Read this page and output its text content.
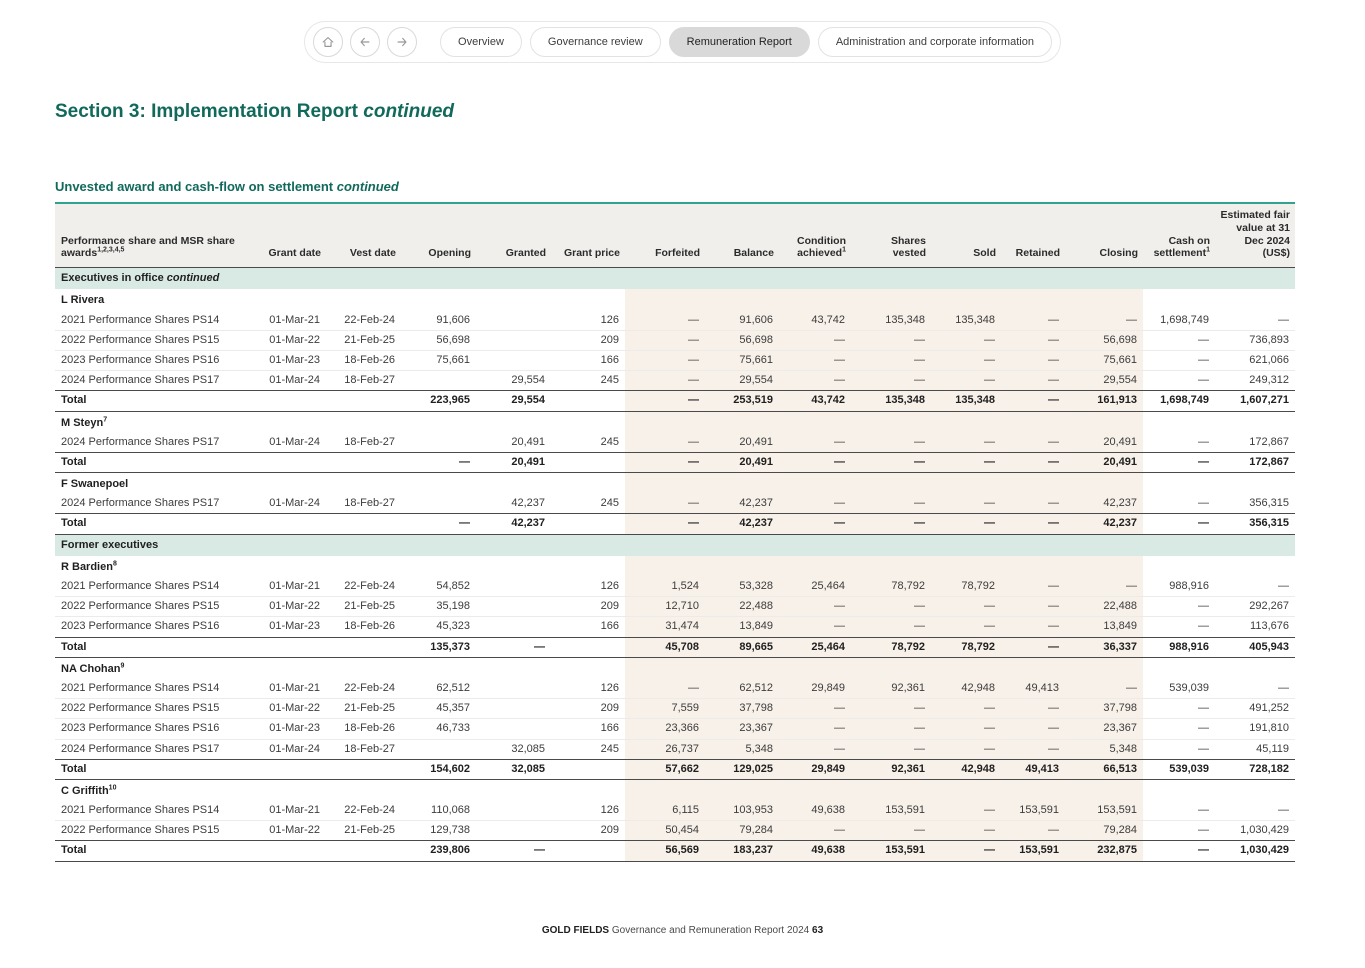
Overview	Governance review	Remuneration Report	Administration and corporate information
Section 3: Implementation Report continued
Unvested award and cash-flow on settlement continued
Performance share and MSR share awards$^{1,2,3,4,5}$	Grant date	Vest date	Opening	Granted	Grant price	Forfeited	Balance	Condition achieved$^1$	Shares vested	Sold	Retained	Closing	Cash on settlement$^1$	Estimated fair value at 31 Dec 2024 (US$)
Executives in office continued														
L Rivera														
2021 Performance Shares PS14	01-Mar-21	22-Feb-24	91,606		126	—	91,606	43,742	135,348	135,348	—	—	1,698,749	—
2022 Performance Shares PS15	01-Mar-22	21-Feb-25	56,698		209	—	56,698	—	—	—	—	56,698	—	736,893
2023 Performance Shares PS16	01-Mar-23	18-Feb-26	75,661		166	—	75,661	—	—	—	—	75,661	—	621,066
2024 Performance Shares PS17	01-Mar-24	18-Feb-27		29,554	245	—	29,554	—	—	—	—	29,554	—	249,312
Total			223,965	29,554		—	253,519	43,742	135,348	135,348	—	161,913	1,698,749	1,607,271
M Steyn$^7$														
2024 Performance Shares PS17	01-Mar-24	18-Feb-27		20,491	245	—	20,491	—	—	—	—	20,491	—	172,867
Total			—	20,491		—	20,491	—	—	—	—	20,491	—	172,867
F Swanepoel														
2024 Performance Shares PS17	01-Mar-24	18-Feb-27		42,237	245	—	42,237	—	—	—	—	42,237	—	356,315
Total			—	42,237		—	42,237	—	—	—	—	42,237	—	356,315
Former executives														
R Bardien$^8$														
2021 Performance Shares PS14	01-Mar-21	22-Feb-24	54,852		126	1,524	53,328	25,464	78,792	78,792	—	—	988,916	—
2022 Performance Shares PS15	01-Mar-22	21-Feb-25	35,198		209	12,710	22,488	—	—	—	—	22,488	—	292,267
2023 Performance Shares PS16	01-Mar-23	18-Feb-26	45,323		166	31,474	13,849	—	—	—	—	13,849	—	113,676
Total			135,373	—		45,708	89,665	25,464	78,792	78,792	—	36,337	988,916	405,943
NA Chohan$^9$														
2021 Performance Shares PS14	01-Mar-21	22-Feb-24	62,512		126	—	62,512	29,849	92,361	42,948	49,413	—	539,039	—
2022 Performance Shares PS15	01-Mar-22	21-Feb-25	45,357		209	7,559	37,798	—	—	—	—	37,798	—	491,252
2023 Performance Shares PS16	01-Mar-23	18-Feb-26	46,733		166	23,366	23,367	—	—	—	—	23,367	—	191,810
2024 Performance Shares PS17	01-Mar-24	18-Feb-27		32,085	245	26,737	5,348	—	—	—	—	5,348	—	45,119
Total			154,602	32,085		57,662	129,025	29,849	92,361	42,948	49,413	66,513	539,039	728,182
C Griffith$^{10}$														
2021 Performance Shares PS14	01-Mar-21	22-Feb-24	110,068		126	6,115	103,953	49,638	153,591	—	153,591	153,591	—	—
2022 Performance Shares PS15	01-Mar-22	21-Feb-25	129,738		209	50,454	79,284	—	—	—	—	79,284	—	1,030,429
Total			239,806	—		56,569	183,237	49,638	153,591	—	153,591	232,875	—	1,030,429
GOLD FIELDS Governance and Remuneration Report 2024 63
